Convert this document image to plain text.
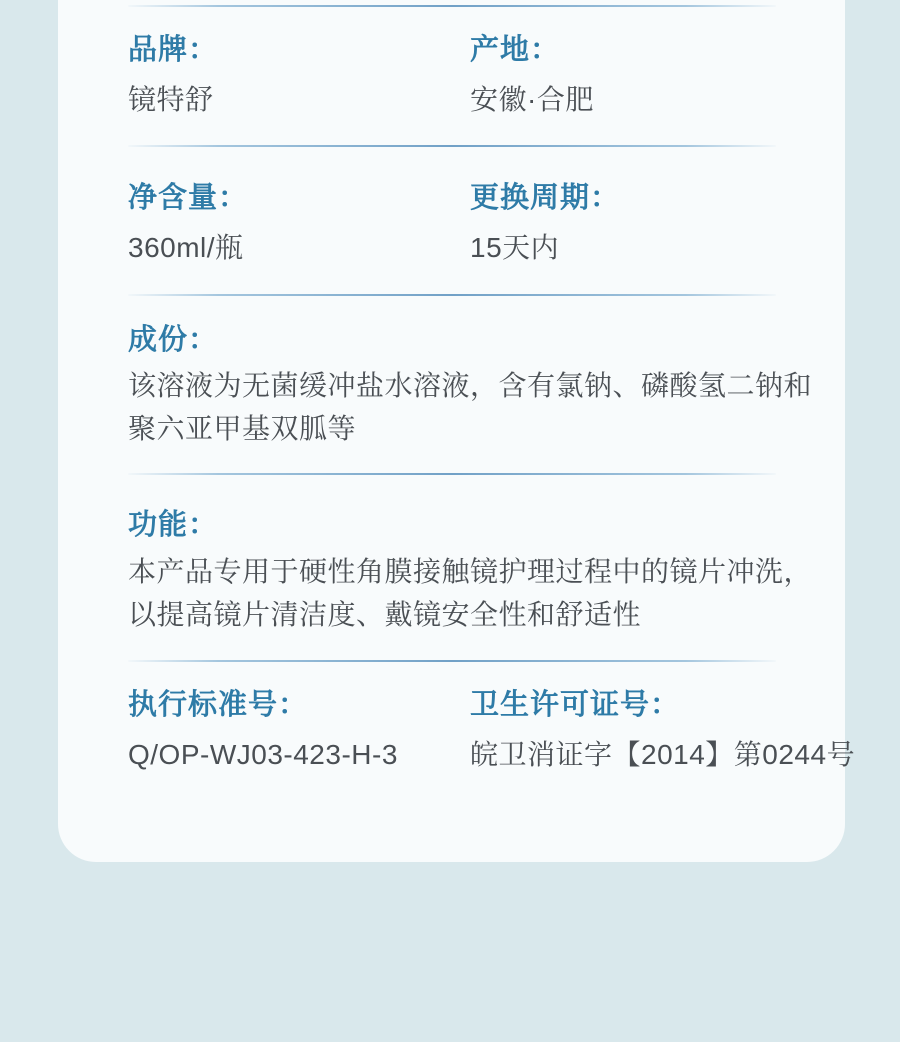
品牌：
镜特舒
产地：
安徽·合肥
净含量：
360ml/瓶
更换周期：
15天内
成份：
该溶液为无菌缓冲盐水溶液，含有氯钠、磷酸氢二钠和
聚六亚甲基双胍等
功能：
本产品专用于硬性角膜接触镜护理过程中的镜片冲洗，
以提高镜片清洁度、戴镜安全性和舒适性
执行标准号：
Q/OP-WJ03-423-H-3
卫生许可证号：
皖卫消证字【2014】第0244号
